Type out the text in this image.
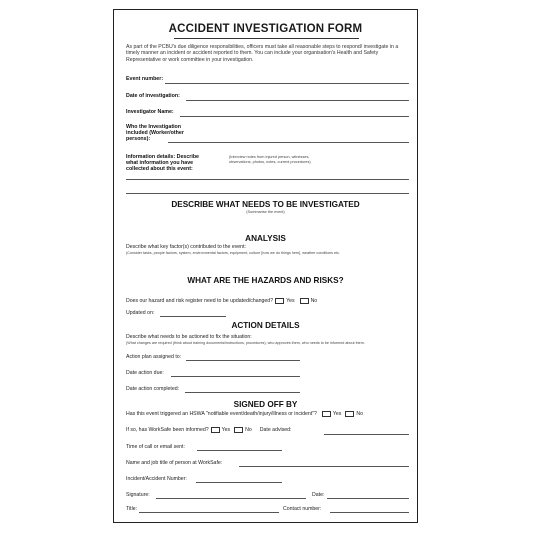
ACCIDENT INVESTIGATION FORM
As part of the PCBU's due diligence responsibilities, officers must take all reasonable steps to respond/ investigate in a timely manner an incident or accident reported to them. You can include your organisation's Health and Safety Representative or work committee in your investigation.
Event number:
Date of investigation:
Investigator Name:
Who the Investigation included (Worker/other persons):
Information details: Describe what information you have collected about this event:
(Interview notes from injured person, witnesses, observations, photos, notes, current procedures)
DESCRIBE WHAT NEEDS TO BE INVESTIGATED
(Summarise the event)
ANALYSIS
Describe what key factor(s) contributed to the event:
(Consider tasks, people factors, system, environmental factors, equipment, culture [how we do things here], weather conditions etc.
WHAT ARE THE HAZARDS AND RISKS?
Does our hazard and risk register need to be updated/changed?	Yes	No
Updated on:
ACTION DETAILS
Describe what needs to be actioned to fix the situation:
(What changes are required (think about training documents/instructions, procedures), who approves them, who needs to be informed about them.
Action plan assigned to:
Date action due:
Date action completed:
SIGNED OFF BY
Has this event triggered an HSWA "notifiable event/death/injury/illness or incident"?	Yes	No
If so, has WorkSafe been informed?	Yes	No Date advised:
Time of call or email sent:
Name and job title of person at WorkSafe:
Incident/Accident Number:
Signature:	Date:
Title:	Contact number:
